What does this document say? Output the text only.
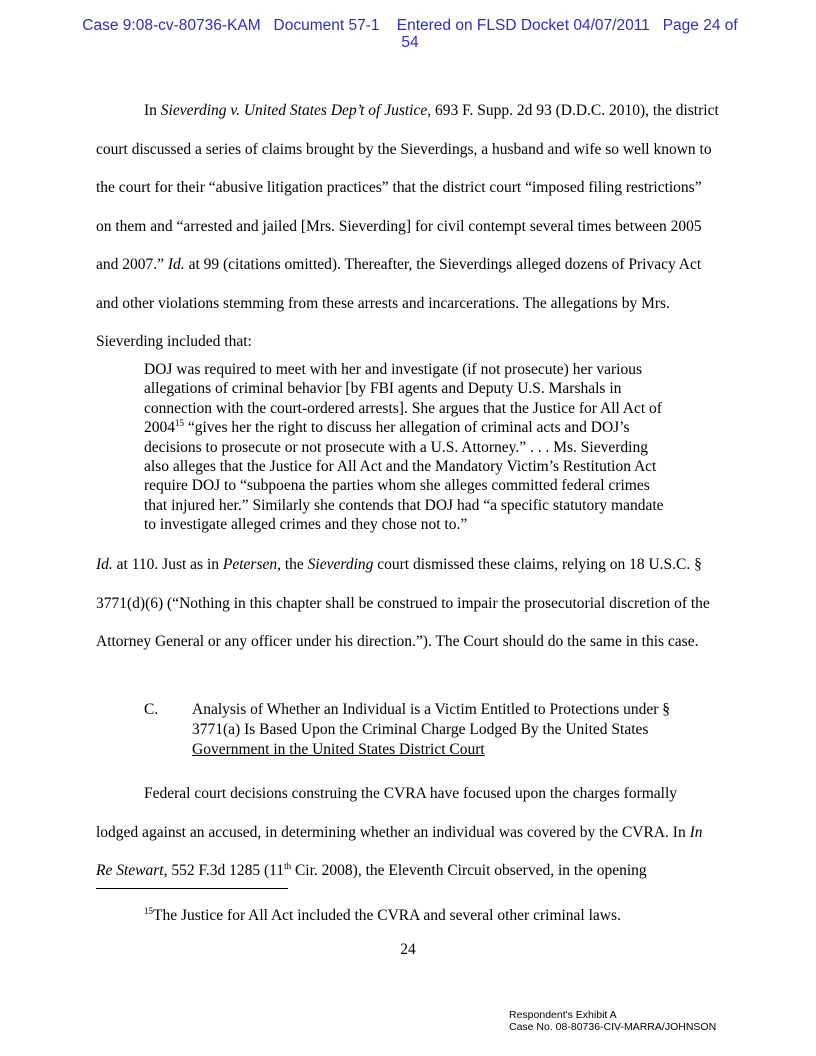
Case 9:08-cv-80736-KAM   Document 57-1    Entered on FLSD Docket 04/07/2011   Page 24 of
54
In Sieverding v. United States Dep’t of Justice, 693 F. Supp. 2d 93 (D.D.C. 2010), the district court discussed a series of claims brought by the Sieverdings, a husband and wife so well known to the court for their “abusive litigation practices” that the district court “imposed filing restrictions” on them and “arrested and jailed [Mrs. Sieverding] for civil contempt several times between 2005 and 2007.” Id. at 99 (citations omitted). Thereafter, the Sieverdings alleged dozens of Privacy Act and other violations stemming from these arrests and incarcerations. The allegations by Mrs. Sieverding included that:
DOJ was required to meet with her and investigate (if not prosecute) her various allegations of criminal behavior [by FBI agents and Deputy U.S. Marshals in connection with the court-ordered arrests]. She argues that the Justice for All Act of 2004$^{15}$ “gives her the right to discuss her allegation of criminal acts and DOJ’s decisions to prosecute or not prosecute with a U.S. Attorney.” . . . Ms. Sieverding also alleges that the Justice for All Act and the Mandatory Victim’s Restitution Act require DOJ to “subpoena the parties whom she alleges committed federal crimes that injured her.” Similarly she contends that DOJ had “a specific statutory mandate to investigate alleged crimes and they chose not to.”
Id. at 110. Just as in Petersen, the Sieverding court dismissed these claims, relying on 18 U.S.C. § 3771(d)(6) (“Nothing in this chapter shall be construed to impair the prosecutorial discretion of the Attorney General or any officer under his direction.”). The Court should do the same in this case.
C. Analysis of Whether an Individual is a Victim Entitled to Protections under § 3771(a) Is Based Upon the Criminal Charge Lodged By the United States Government in the United States District Court
Federal court decisions construing the CVRA have focused upon the charges formally lodged against an accused, in determining whether an individual was covered by the CVRA. In In Re Stewart, 552 F.3d 1285 (11th Cir. 2008), the Eleventh Circuit observed, in the opening
$^{15}$The Justice for All Act included the CVRA and several other criminal laws.
24
Respondent's Exhibit A
Case No. 08-80736-CIV-MARRA/JOHNSON
